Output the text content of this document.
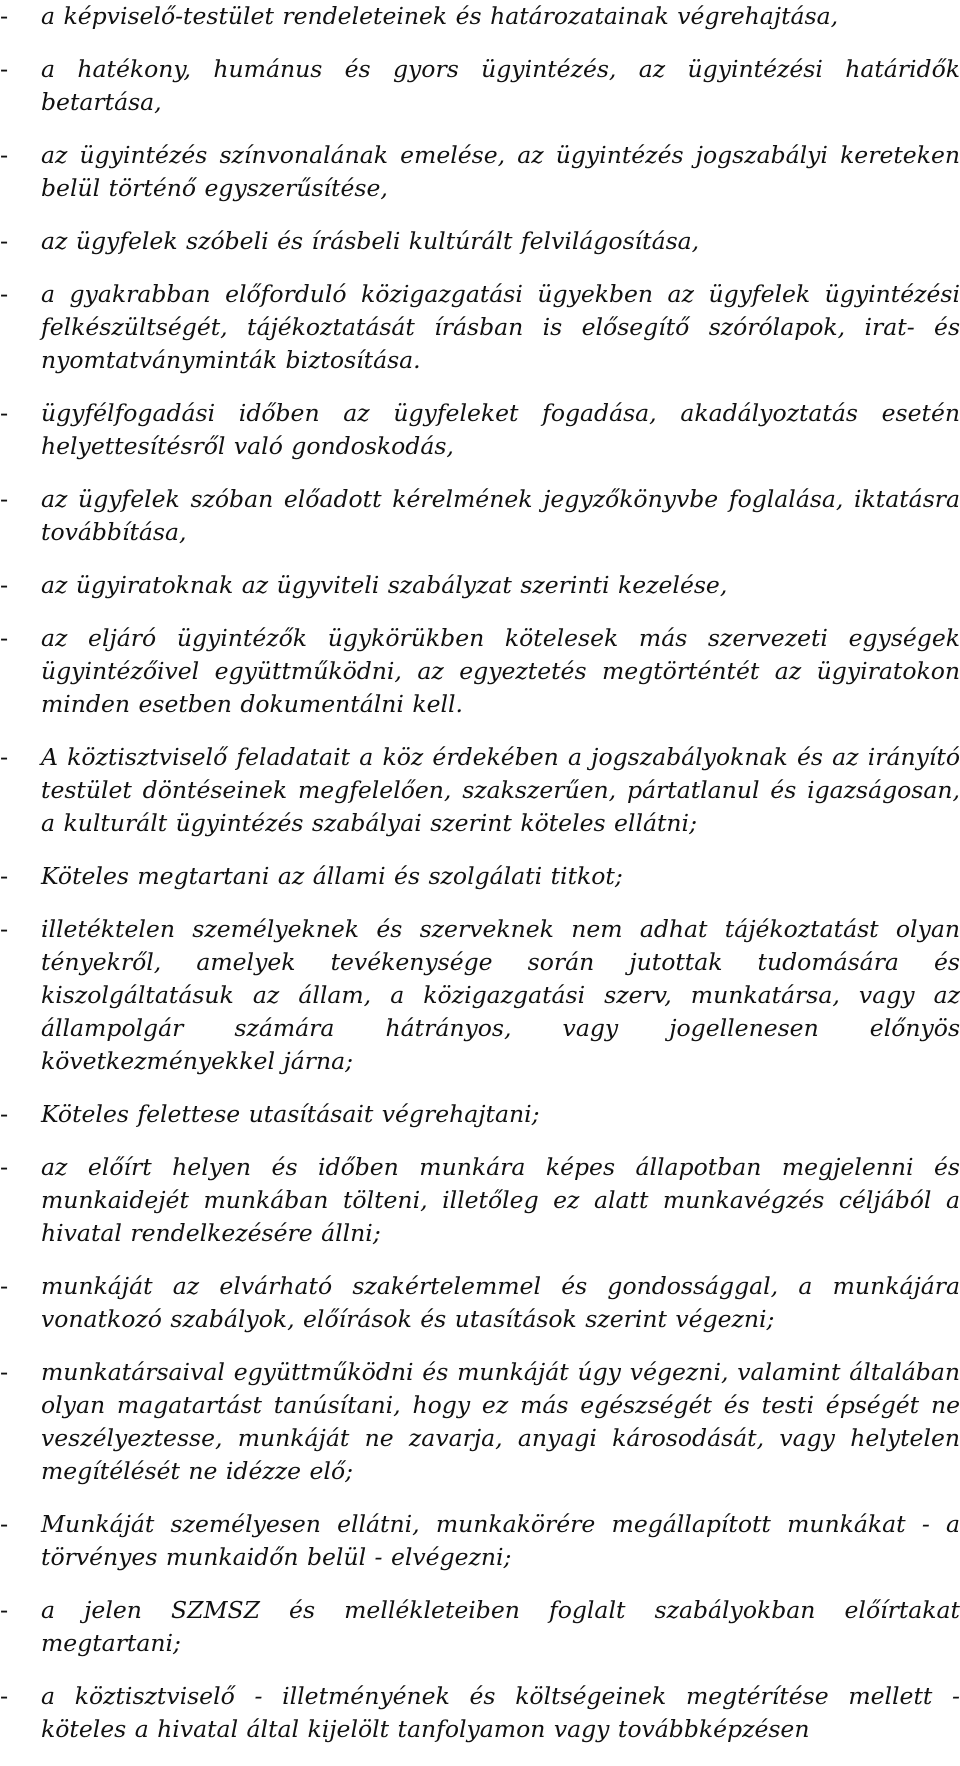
- a képviselő-testület rendeleteinek és határozatainak végrehajtása,
- a hatékony, humánus és gyors ügyintézés, az ügyintézési határidők betartása,
- az ügyintézés színvonalának emelése, az ügyintézés jogszabályi kereteken belül történő egyszerűsítése,
- az ügyfelek szóbeli és írásbeli kultúrált felvilágosítása,
- a gyakrabban előforduló közigazgatási ügyekben az ügyfelek ügyintézési felkészültségét, tájékoztatását írásban is elősegítő szórólapok, irat- és nyomtatványminták biztosítása.
- ügyfélfogadási időben az ügyfeleket fogadása, akadályoztatás esetén helyettesítésről való gondoskodás,
- az ügyfelek szóban előadott kérelmének jegyzőkönyvbe foglalása, iktatásra továbbítása,
- az ügyiratoknak az ügyviteli szabályzat szerinti kezelése,
- az eljáró ügyintézők ügykörükben kötelesek más szervezeti egységek ügyintézőivel együttműködni, az egyeztetés megtörténtét az ügyiratokon minden esetben dokumentálni kell.
- A köztisztviselő feladatait a köz érdekében a jogszabályoknak és az irányító testület döntéseinek megfelelően, szakszerűen, pártatlanul és igazságosan, a kulturált ügyintézés szabályai szerint köteles ellátni;
- Köteles megtartani az állami és szolgálati titkot;
- illetéktelen személyeknek és szerveknek nem adhat tájékoztatást olyan tényekről, amelyek tevékenysége során jutottak tudomására és kiszolgáltatásuk az állam, a közigazgatási szerv, munkatársa, vagy az állampolgár számára hátrányos, vagy jogellenesen előnyös következményekkel járna;
- Köteles felettese utasításait végrehajtani;
- az előírt helyen és időben munkára képes állapotban megjelenni és munkaidejét munkában tölteni, illetőleg ez alatt munkavégzés céljából a hivatal rendelkezésére állni;
- munkáját az elvárható szakértelemmel és gondossággal, a munkájára vonatkozó szabályok, előírások és utasítások szerint végezni;
- munkatársaival együttműködni és munkáját úgy végezni, valamint általában olyan magatartást tanúsítani, hogy ez más egészségét és testi épségét ne veszélyeztesse, munkáját ne zavarja, anyagi károsodását, vagy helytelen megítélését ne idézze elő;
- Munkáját személyesen ellátni, munkakörére megállapított munkákat - a törvényes munkaidőn belül - elvégezni;
- a jelen SZMSZ és mellékleteiben foglalt szabályokban előírtakat megtartani;
- a köztisztviselő - illetményének és költségeinek megtérítése mellett - köteles a hivatal által kijelölt tanfolyamon vagy továbbképzésen
